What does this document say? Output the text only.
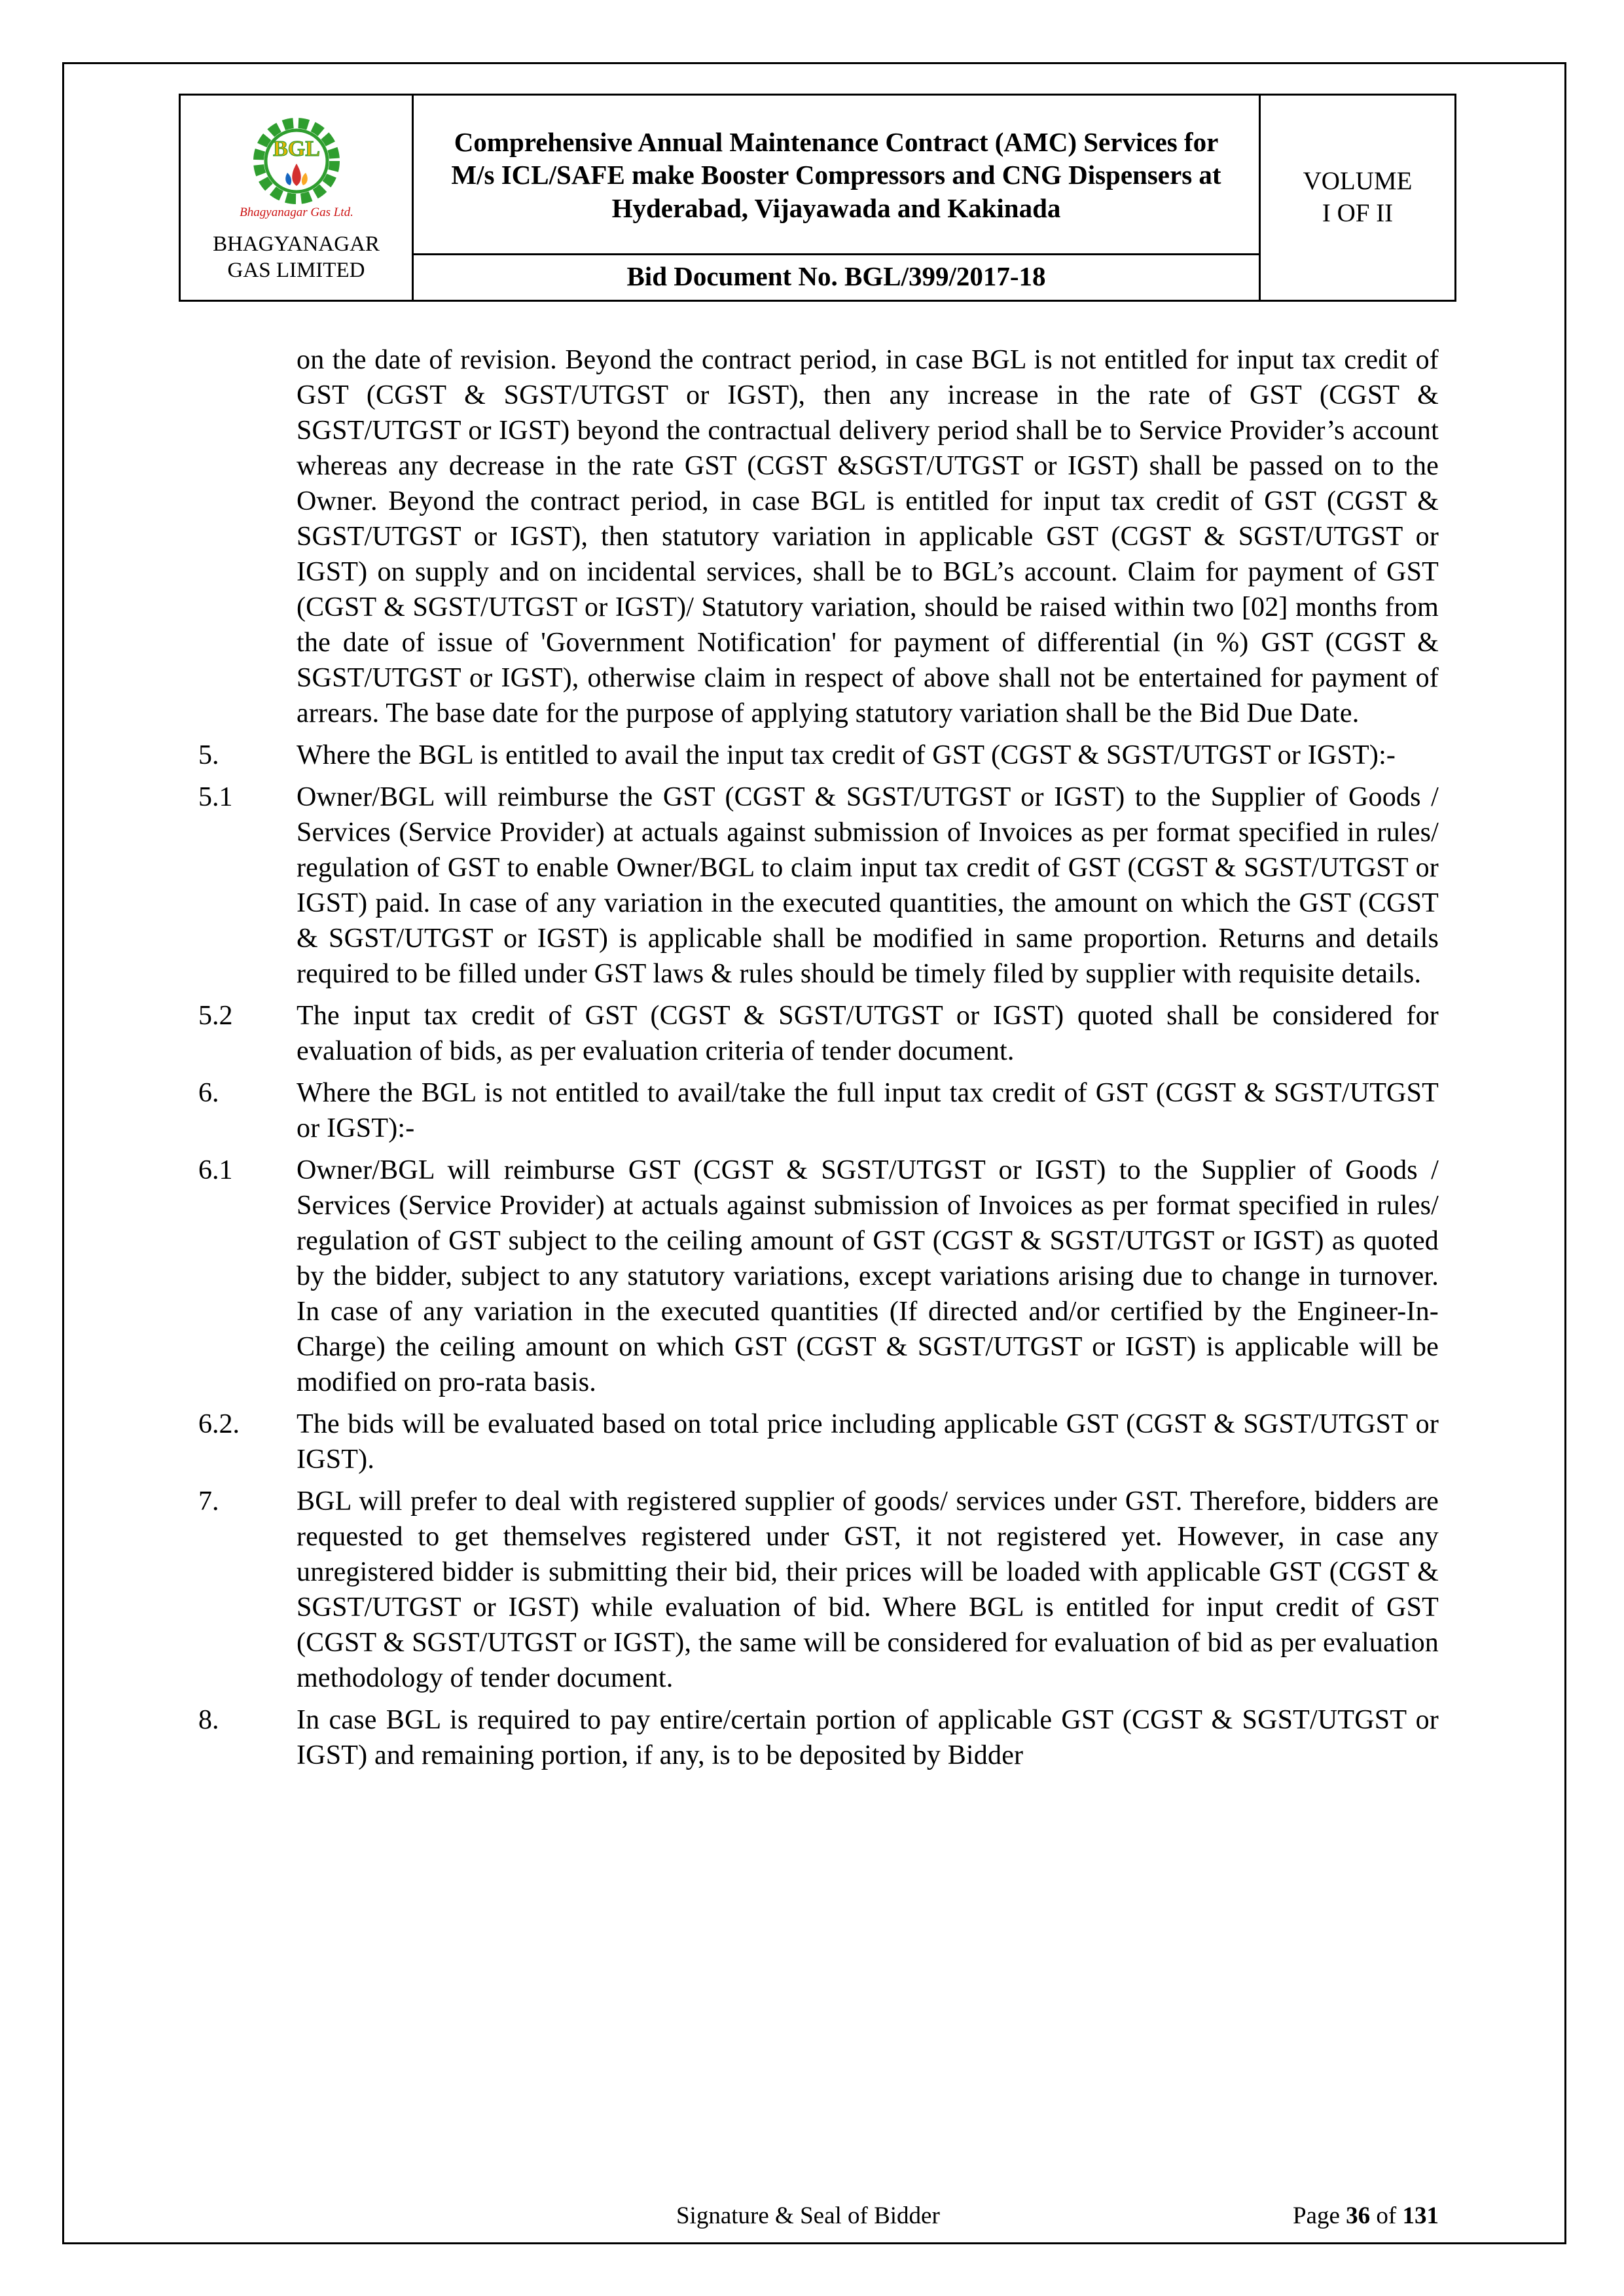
BGL
Bhagyanagar Gas Ltd.
BHAGYANAGAR GAS LIMITED
Comprehensive Annual Maintenance Contract (AMC) Services for M/s ICL/SAFE make Booster Compressors and CNG Dispensers at Hyderabad, Vijayawada and Kakinada
Bid Document No. BGL/399/2017-18
VOLUME
I OF II
on the date of revision. Beyond the contract period, in case BGL is not entitled for input tax credit of GST (CGST & SGST/UTGST or IGST), then any increase in the rate of GST (CGST & SGST/UTGST or IGST) beyond the contractual delivery period shall be to Service Provider’s account whereas any decrease in the rate GST (CGST &SGST/UTGST or IGST) shall be passed on to the Owner. Beyond the contract period, in case BGL is entitled for input tax credit of GST (CGST & SGST/UTGST or IGST), then statutory variation in applicable GST (CGST & SGST/UTGST or IGST) on supply and on incidental services, shall be to BGL’s account. Claim for payment of GST (CGST & SGST/UTGST or IGST)/ Statutory variation, should be raised within two [02] months from the date of issue of 'Government Notification' for payment of differential (in %) GST (CGST & SGST/UTGST or IGST), otherwise claim in respect of above shall not be entertained for payment of arrears. The base date for the purpose of applying statutory variation shall be the Bid Due Date.
5.	Where the BGL is entitled to avail the input tax credit of GST (CGST & SGST/UTGST or IGST):-
5.1	Owner/BGL will reimburse the GST (CGST & SGST/UTGST or IGST) to the Supplier of Goods / Services (Service Provider) at actuals against submission of Invoices as per format specified in rules/ regulation of GST to enable Owner/BGL to claim input tax credit of GST (CGST & SGST/UTGST or IGST) paid. In case of any variation in the executed quantities, the amount on which the GST (CGST & SGST/UTGST or IGST) is applicable shall be modified in same proportion. Returns and details required to be filled under GST laws & rules should be timely filed by supplier with requisite details.
5.2	The input tax credit of GST (CGST & SGST/UTGST or IGST) quoted shall be considered for evaluation of bids, as per evaluation criteria of tender document.
6.	Where the BGL is not entitled to avail/take the full input tax credit of GST (CGST & SGST/UTGST or IGST):-
6.1	Owner/BGL will reimburse GST (CGST & SGST/UTGST or IGST) to the Supplier of Goods / Services (Service Provider) at actuals against submission of Invoices as per format specified in rules/ regulation of GST subject to the ceiling amount of GST (CGST & SGST/UTGST or IGST) as quoted by the bidder, subject to any statutory variations, except variations arising due to change in turnover. In case of any variation in the executed quantities (If directed and/or certified by the Engineer-In-Charge) the ceiling amount on which GST (CGST & SGST/UTGST or IGST) is applicable will be modified on pro-rata basis.
6.2.	The bids will be evaluated based on total price including applicable GST (CGST & SGST/UTGST or IGST).
7.	BGL will prefer to deal with registered supplier of goods/ services under GST. Therefore, bidders are requested to get themselves registered under GST, it not registered yet. However, in case any unregistered bidder is submitting their bid, their prices will be loaded with applicable GST (CGST & SGST/UTGST or IGST) while evaluation of bid. Where BGL is entitled for input credit of GST (CGST & SGST/UTGST or IGST), the same will be considered for evaluation of bid as per evaluation methodology of tender document.
8.	In case BGL is required to pay entire/certain portion of applicable GST (CGST & SGST/UTGST or IGST) and remaining portion, if any, is to be deposited by Bidder
Signature & Seal of Bidder	Page 36 of 131
